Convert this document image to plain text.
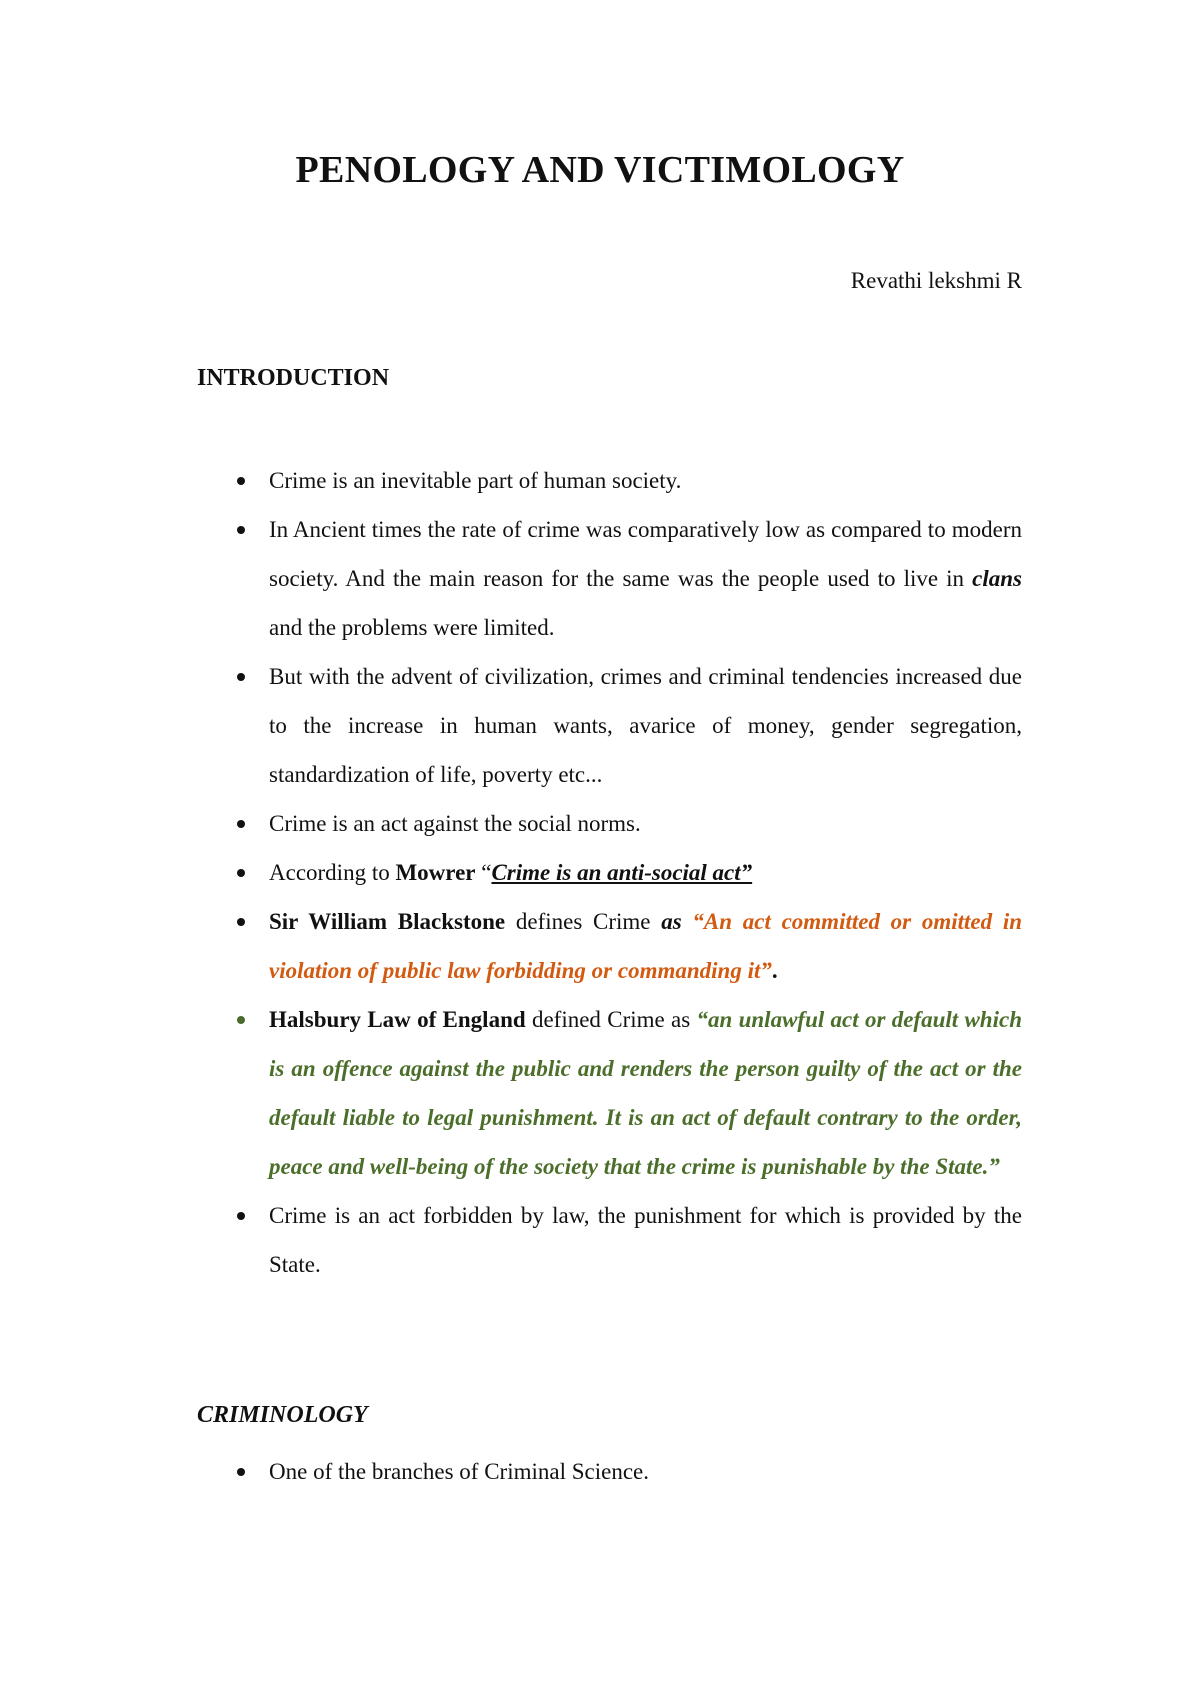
PENOLOGY AND VICTIMOLOGY

Revathi lekshmi R

INTRODUCTION
Crime is an inevitable part of human society.
In Ancient times the rate of crime was comparatively low as compared to modern society. And the main reason for the same was the people used to live in clans and the problems were limited.
But with the advent of civilization, crimes and criminal tendencies increased due to the increase in human wants, avarice of money, gender segregation, standardization of life, poverty etc...
Crime is an act against the social norms.
According to Mowrer “Crime is an anti-social act”
Sir William Blackstone defines Crime as “An act committed or omitted in violation of public law forbidding or commanding it”.
Halsbury Law of England defined Crime as “an unlawful act or default which is an offence against the public and renders the person guilty of the act or the default liable to legal punishment. It is an act of default contrary to the order, peace and well-being of the society that the crime is punishable by the State.”
Crime is an act forbidden by law, the punishment for which is provided by the State.
CRIMINOLOGY
One of the branches of Criminal Science.
